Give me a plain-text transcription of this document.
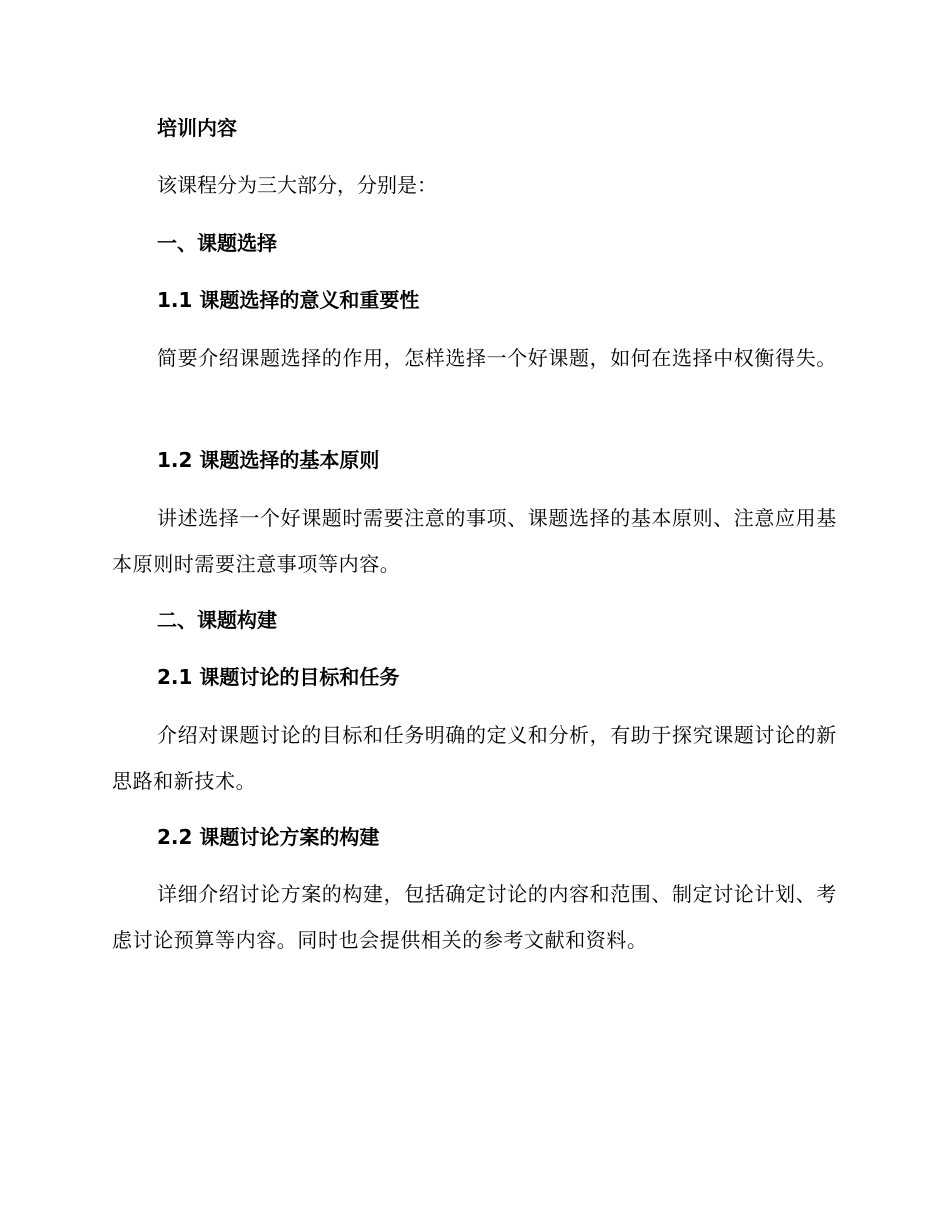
培训内容

该课程分为三大部分，分别是：

一、课题选择

1.1 课题选择的意义和重要性

简要介绍课题选择的作用，怎样选择一个好课题，如何在选择中权衡得失。

1.2 课题选择的基本原则

讲述选择一个好课题时需要注意的事项、课题选择的基本原则、注意应用基本原则时需要注意事项等内容。

二、课题构建

2.1 课题讨论的目标和任务

介绍对课题讨论的目标和任务明确的定义和分析，有助于探究课题讨论的新思路和新技术。

2.2 课题讨论方案的构建

详细介绍讨论方案的构建，包括确定讨论的内容和范围、制定讨论计划、考虑讨论预算等内容。同时也会提供相关的参考文献和资料。
